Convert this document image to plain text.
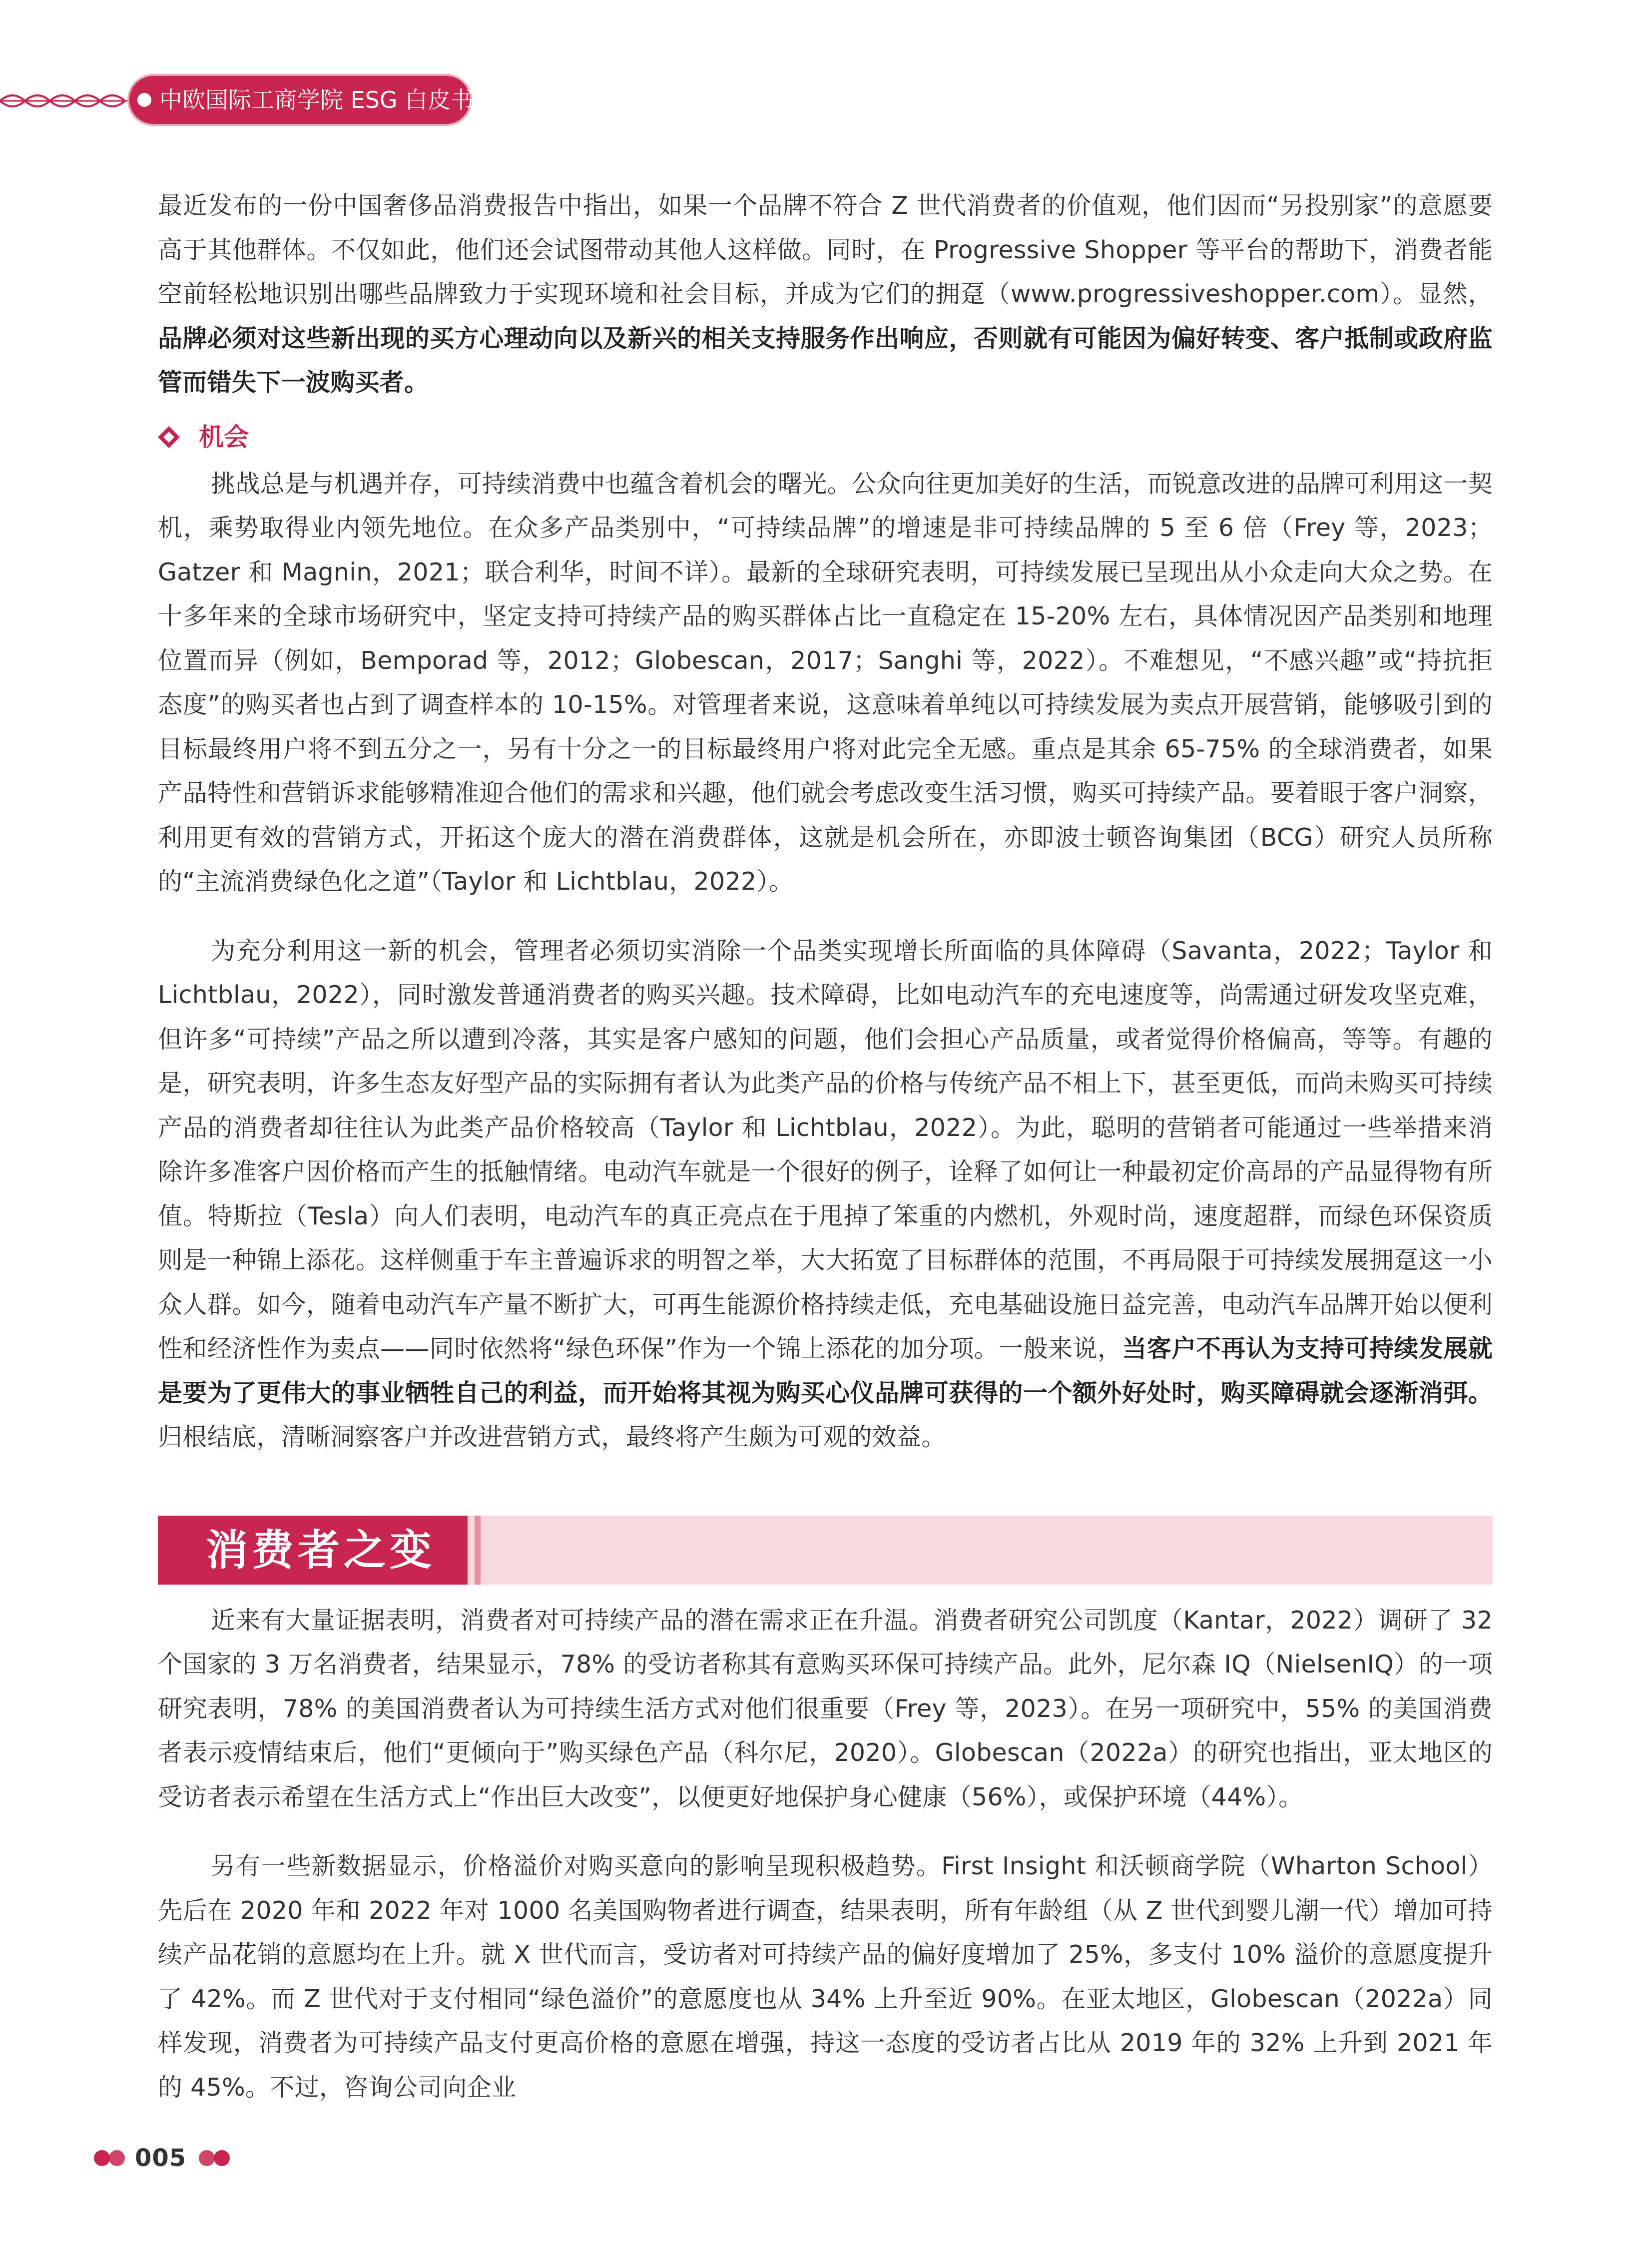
中欧国际工商学院 ESG 白皮书

最近发布的一份中国奢侈品消费报告中指出，如果一个品牌不符合 Z 世代消费者的价值观，他们因而“另投别家”的意愿要高于其他群体。不仅如此，他们还会试图带动其他人这样做。同时，在 Progressive Shopper 等平台的帮助下，消费者能空前轻松地识别出哪些品牌致力于实现环境和社会目标，并成为它们的拥趸（www.progressiveshopper.com）。显然，品牌必须对这些新出现的买方心理动向以及新兴的相关支持服务作出响应，否则就有可能因为偏好转变、客户抵制或政府监管而错失下一波购买者。

机会

挑战总是与机遇并存，可持续消费中也蕴含着机会的曙光。公众向往更加美好的生活，而锐意改进的品牌可利用这一契机，乘势取得业内领先地位。在众多产品类别中，“可持续品牌”的增速是非可持续品牌的 5 至 6 倍（Frey 等，2023；Gatzer 和 Magnin，2021；联合利华，时间不详）。最新的全球研究表明，可持续发展已呈现出从小众走向大众之势。在十多年来的全球市场研究中，坚定支持可持续产品的购买群体占比一直稳定在 15-20% 左右，具体情况因产品类别和地理位置而异（例如，Bemporad 等，2012；Globescan，2017；Sanghi 等，2022）。不难想见，“不感兴趣”或“持抗拒态度”的购买者也占到了调查样本的 10-15%。对管理者来说，这意味着单纯以可持续发展为卖点开展营销，能够吸引到的目标最终用户将不到五分之一，另有十分之一的目标最终用户将对此完全无感。重点是其余 65-75% 的全球消费者，如果产品特性和营销诉求能够精准迎合他们的需求和兴趣，他们就会考虑改变生活习惯，购买可持续产品。要着眼于客户洞察，利用更有效的营销方式，开拓这个庞大的潜在消费群体，这就是机会所在，亦即波士顿咨询集团（BCG）研究人员所称的“主流消费绿色化之道”（Taylor 和 Lichtblau，2022）。

为充分利用这一新的机会，管理者必须切实消除一个品类实现增长所面临的具体障碍（Savanta，2022；Taylor 和 Lichtblau，2022），同时激发普通消费者的购买兴趣。技术障碍，比如电动汽车的充电速度等，尚需通过研发攻坚克难，但许多“可持续”产品之所以遭到冷落，其实是客户感知的问题，他们会担心产品质量，或者觉得价格偏高，等等。有趣的是，研究表明，许多生态友好型产品的实际拥有者认为此类产品的价格与传统产品不相上下，甚至更低，而尚未购买可持续产品的消费者却往往认为此类产品价格较高（Taylor 和 Lichtblau，2022）。为此，聪明的营销者可能通过一些举措来消除许多准客户因价格而产生的抵触情绪。电动汽车就是一个很好的例子，诠释了如何让一种最初定价高昂的产品显得物有所值。特斯拉（Tesla）向人们表明，电动汽车的真正亮点在于甩掉了笨重的内燃机，外观时尚，速度超群，而绿色环保资质则是一种锦上添花。这样侧重于车主普遍诉求的明智之举，大大拓宽了目标群体的范围，不再局限于可持续发展拥趸这一小众人群。如今，随着电动汽车产量不断扩大，可再生能源价格持续走低，充电基础设施日益完善，电动汽车品牌开始以便利性和经济性作为卖点——同时依然将“绿色环保”作为一个锦上添花的加分项。一般来说，当客户不再认为支持可持续发展就是要为了更伟大的事业牺牲自己的利益，而开始将其视为购买心仪品牌可获得的一个额外好处时，购买障碍就会逐渐消弭。归根结底，清晰洞察客户并改进营销方式，最终将产生颇为可观的效益。

消费者之变

近来有大量证据表明，消费者对可持续产品的潜在需求正在升温。消费者研究公司凯度（Kantar，2022）调研了 32 个国家的 3 万名消费者，结果显示，78% 的受访者称其有意购买环保可持续产品。此外，尼尔森 IQ（NielsenIQ）的一项研究表明，78% 的美国消费者认为可持续生活方式对他们很重要（Frey 等，2023）。在另一项研究中，55% 的美国消费者表示疫情结束后，他们“更倾向于”购买绿色产品（科尔尼，2020）。Globescan（2022a）的研究也指出，亚太地区的受访者表示希望在生活方式上“作出巨大改变”，以便更好地保护身心健康（56%），或保护环境（44%）。

另有一些新数据显示，价格溢价对购买意向的影响呈现积极趋势。First Insight 和沃顿商学院（Wharton School）先后在 2020 年和 2022 年对 1000 名美国购物者进行调查，结果表明，所有年龄组（从 Z 世代到婴儿潮一代）增加可持续产品花销的意愿均在上升。就 X 世代而言，受访者对可持续产品的偏好度增加了 25%，多支付 10% 溢价的意愿度提升了 42%。而 Z 世代对于支付相同“绿色溢价”的意愿度也从 34% 上升至近 90%。在亚太地区，Globescan（2022a）同样发现，消费者为可持续产品支付更高价格的意愿在增强，持这一态度的受访者占比从 2019 年的 32% 上升到 2021 年的 45%。不过，咨询公司向企业

005
